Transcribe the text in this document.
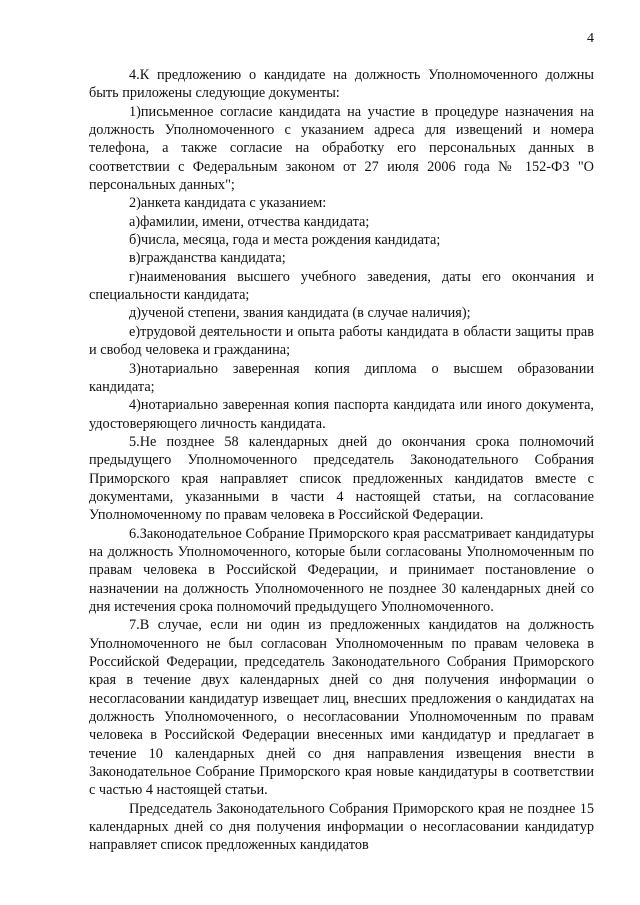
4

4.К предложению о кандидате на должность Уполномоченного должны быть приложены следующие документы:

1)письменное согласие кандидата на участие в процедуре назначения на должность Уполномоченного с указанием адреса для извещений и номера телефона, а также согласие на обработку его персональных данных в соответствии с Федеральным законом от 27 июля 2006 года № 152-ФЗ "О персональных данных";

2)анкета кандидата с указанием:

а)фамилии, имени, отчества кандидата;

б)числа, месяца, года и места рождения кандидата;

в)гражданства кандидата;

г)наименования высшего учебного заведения, даты его окончания и специальности кандидата;

д)ученой степени, звания кандидата (в случае наличия);

е)трудовой деятельности и опыта работы кандидата в области защиты прав и свобод человека и гражданина;

3)нотариально заверенная копия диплома о высшем образовании кандидата;

4)нотариально заверенная копия паспорта кандидата или иного документа, удостоверяющего личность кандидата.

5.Не позднее 58 календарных дней до окончания срока полномочий предыдущего Уполномоченного председатель Законодательного Собрания Приморского края направляет список предложенных кандидатов вместе с документами, указанными в части 4 настоящей статьи, на согласование Уполномоченному по правам человека в Российской Федерации.

6.Законодательное Собрание Приморского края рассматривает кандидатуры на должность Уполномоченного, которые были согласованы Уполномоченным по правам человека в Российской Федерации, и принимает постановление о назначении на должность Уполномоченного не позднее 30 календарных дней со дня истечения срока полномочий предыдущего Уполномоченного.

7.В случае, если ни один из предложенных кандидатов на должность Уполномоченного не был согласован Уполномоченным по правам человека в Российской Федерации, председатель Законодательного Собрания Приморского края в течение двух календарных дней со дня получения информации о несогласовании кандидатур извещает лиц, внесших предложения о кандидатах на должность Уполномоченного, о несогласовании Уполномоченным по правам человека в Российской Федерации внесенных ими кандидатур и предлагает в течение 10 календарных дней со дня направления извещения внести в Законодательное Собрание Приморского края новые кандидатуры в соответствии с частью 4 настоящей статьи.

Председатель Законодательного Собрания Приморского края не позднее 15 календарных дней со дня получения информации о несогласовании кандидатур направляет список предложенных кандидатов
